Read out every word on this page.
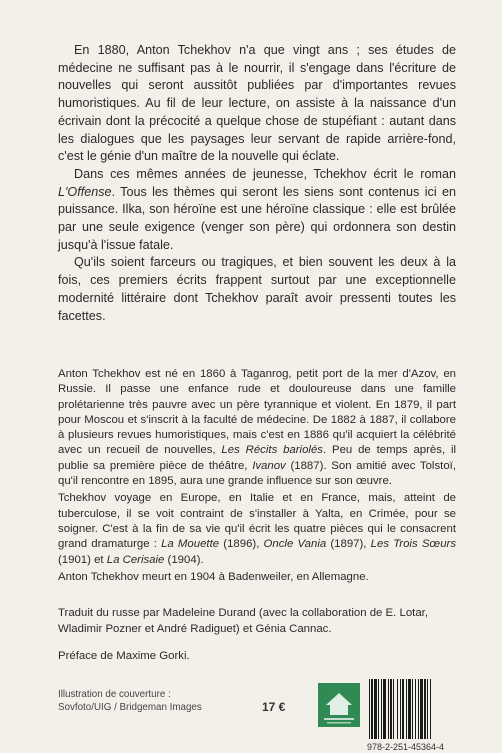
En 1880, Anton Tchekhov n'a que vingt ans ; ses études de médecine ne suffisant pas à le nourrir, il s'engage dans l'écriture de nouvelles qui seront aussitôt publiées par d'importantes revues humoristiques. Au fil de leur lecture, on assiste à la naissance d'un écrivain dont la précocité a quelque chose de stupéfiant : autant dans les dialogues que les paysages leur servant de rapide arrière-fond, c'est le génie d'un maître de la nouvelle qui éclate.

Dans ces mêmes années de jeunesse, Tchekhov écrit le roman L'Offense. Tous les thèmes qui seront les siens sont contenus ici en puissance. Ilka, son héroïne est une héroïne classique : elle est brûlée par une seule exigence (venger son père) qui ordonnera son destin jusqu'à l'issue fatale.

Qu'ils soient farceurs ou tragiques, et bien souvent les deux à la fois, ces premiers écrits frappent surtout par une exceptionnelle modernité littéraire dont Tchekhov paraît avoir pressenti toutes les facettes.

Anton Tchekhov est né en 1860 à Taganrog, petit port de la mer d'Azov, en Russie. Il passe une enfance rude et douloureuse dans une famille prolétarienne très pauvre avec un père tyrannique et violent. En 1879, il part pour Moscou et s'inscrit à la faculté de médecine. De 1882 à 1887, il collabore à plusieurs revues humoristiques, mais c'est en 1886 qu'il acquiert la célébrité avec un recueil de nouvelles, Les Récits bariolés. Peu de temps après, il publie sa première pièce de théâtre, Ivanov (1887). Son amitié avec Tolstoï, qu'il rencontre en 1895, aura une grande influence sur son œuvre.

Tchekhov voyage en Europe, en Italie et en France, mais, atteint de tuberculose, il se voit contraint de s'installer à Yalta, en Crimée, pour se soigner. C'est à la fin de sa vie qu'il écrit les quatre pièces qui le consacrent grand dramaturge : La Mouette (1896), Oncle Vania (1897), Les Trois Sœurs (1901) et La Cerisaie (1904).

Anton Tchekhov meurt en 1904 à Badenweiler, en Allemagne.

Traduit du russe par Madeleine Durand (avec la collaboration de E. Lotar, Wladimir Pozner et André Radiguet) et Génia Cannac.

Préface de Maxime Gorki.

Illustration de couverture :
Sovfoto/UIG / Bridgeman Images	17 €
978-2-251-45364-4
